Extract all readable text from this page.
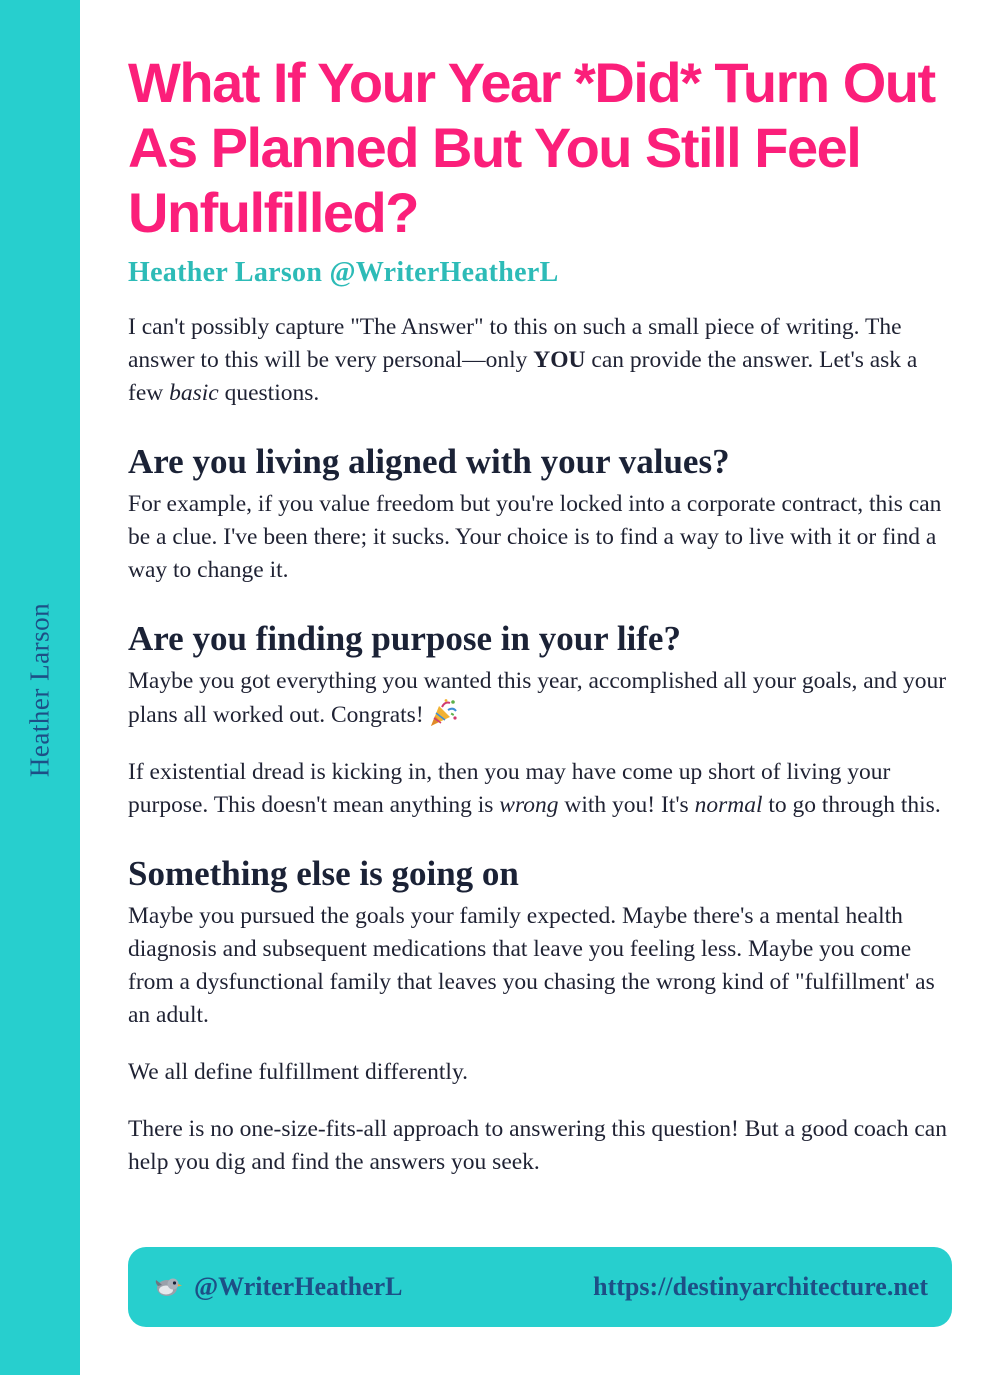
Heather Larson
What If Your Year *Did* Turn Out As Planned But You Still Feel Unfulfilled?
Heather Larson @WriterHeatherL

I can't possibly capture "The Answer" to this on such a small piece of writing. The answer to this will be very personal—only YOU can provide the answer. Let's ask a few basic questions.

Are you living aligned with your values?

For example, if you value freedom but you're locked into a corporate contract, this can be a clue. I've been there; it sucks. Your choice is to find a way to live with it or find a way to change it.

Are you finding purpose in your life?

Maybe you got everything you wanted this year, accomplished all your goals, and your plans all worked out. Congrats!

If existential dread is kicking in, then you may have come up short of living your purpose. This doesn't mean anything is wrong with you! It's normal to go through this.

Something else is going on

Maybe you pursued the goals your family expected. Maybe there's a mental health diagnosis and subsequent medications that leave you feeling less. Maybe you come from a dysfunctional family that leaves you chasing the wrong kind of "fulfillment' as an adult.

We all define fulfillment differently.

There is no one-size-fits-all approach to answering this question! But a good coach can help you dig and find the answers you seek.

@WriterHeatherL	https://destinyarchitecture.net
